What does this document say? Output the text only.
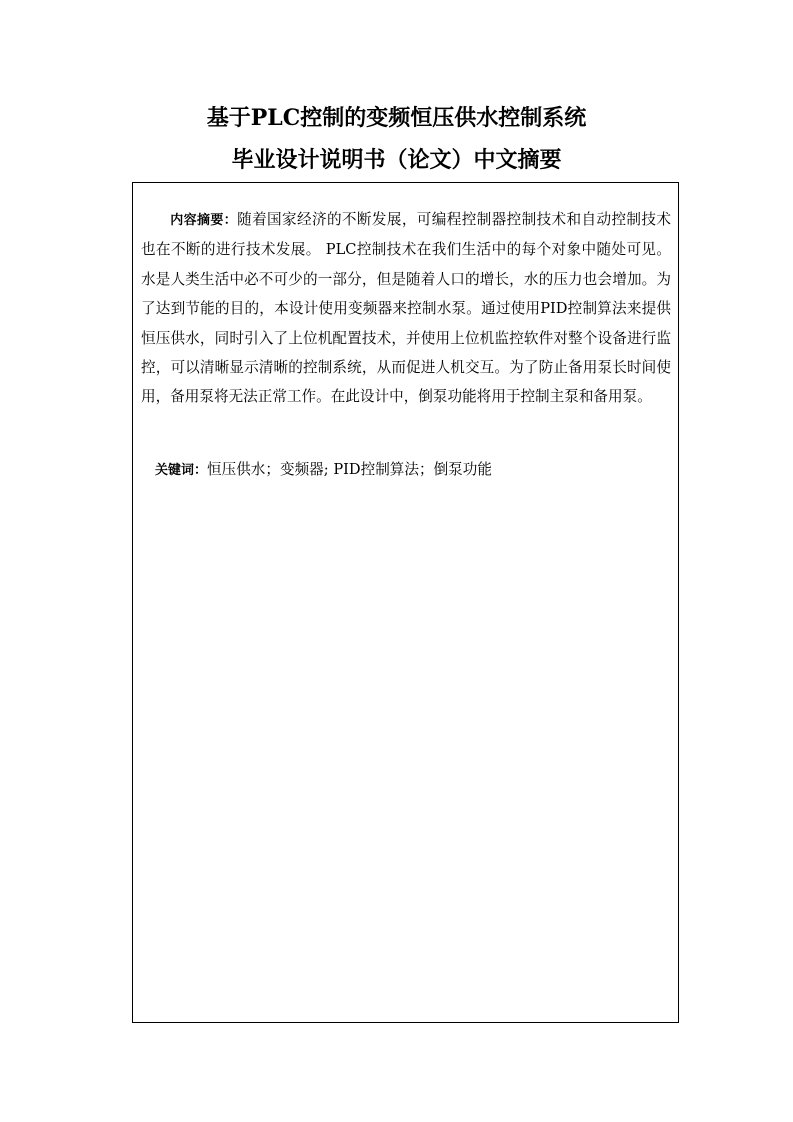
基于PLC控制的变频恒压供水控制系统
毕业设计说明书（论文）中文摘要

内容摘要：随着国家经济的不断发展，可编程控制器控制技术和自动控制技术也在不断的进行技术发展。 PLC控制技术在我们生活中的每个对象中随处可见。水是人类生活中必不可少的一部分，但是随着人口的增长，水的压力也会增加。为了达到节能的目的，本设计使用变频器来控制水泵。通过使用PID控制算法来提供恒压供水，同时引入了上位机配置技术，并使用上位机监控软件对整个设备进行监控，可以清晰显示清晰的控制系统，从而促进人机交互。为了防止备用泵长时间使用，备用泵将无法正常工作。在此设计中，倒泵功能将用于控制主泵和备用泵。

关键词：恒压供水；变频器; PID控制算法；倒泵功能
